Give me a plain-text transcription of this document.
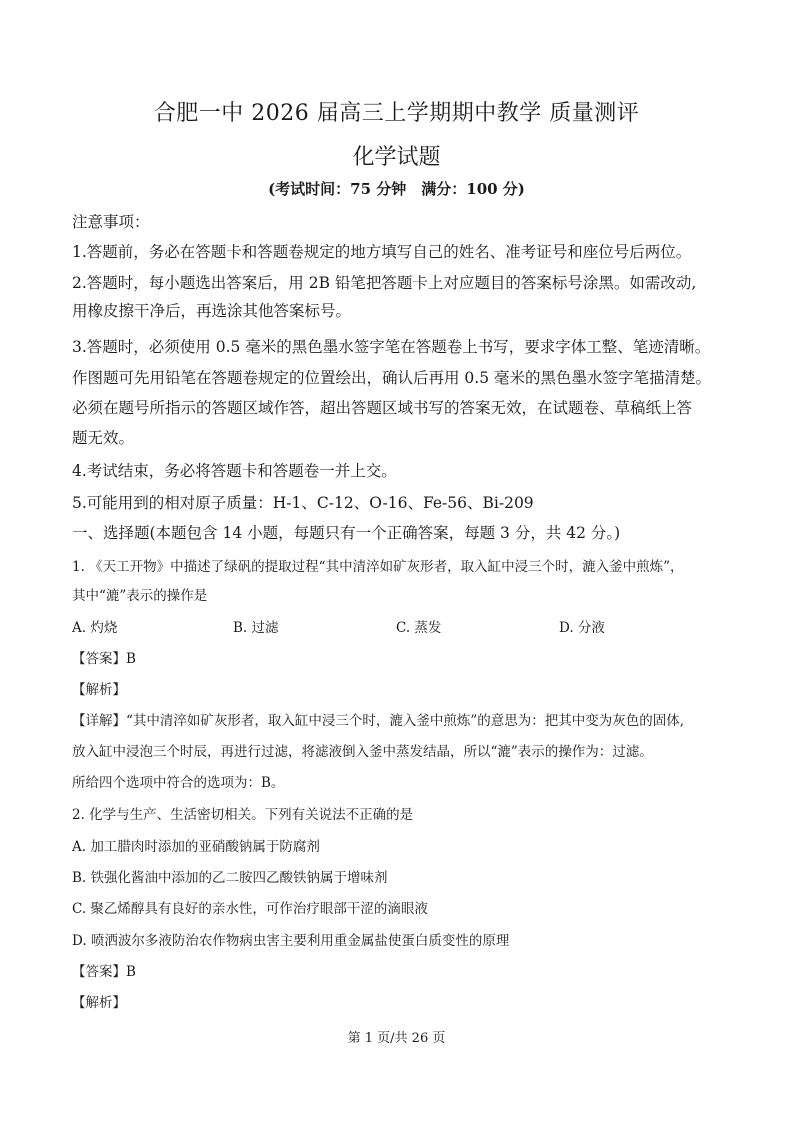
合肥一中 2026 届高三上学期期中教学 质量测评
化学试题
(考试时间：75 分钟　满分：100 分)
注意事项：
1.答题前，务必在答题卡和答题卷规定的地方填写自己的姓名、准考证号和座位号后两位。
2.答题时，每小题选出答案后，用 2B 铅笔把答题卡上对应题目的答案标号涂黑。如需改动,
用橡皮擦干净后，再选涂其他答案标号。
3.答题时，必须使用 0.5 毫米的黑色墨水签字笔在答题卷上书写，要求字体工整、笔迹清晰。
作图题可先用铅笔在答题卷规定的位置绘出，确认后再用 0.5 毫米的黑色墨水签字笔描清楚。
必须在题号所指示的答题区域作答，超出答题区域书写的答案无效，在试题卷、草稿纸上答
题无效。
4.考试结束，务必将答题卡和答题卷一并上交。
5.可能用到的相对原子质量：H-1、C-12、O-16、Fe-56、Bi-209
一、选择题(本题包含 14 小题，每题只有一个正确答案，每题 3 分，共 42 分。)
1. 《天工开物》中描述了绿矾的提取过程“其中清淬如矿灰形者，取入缸中浸三个时，漉入釜中煎炼”，
其中“漉”表示的操作是
A. 灼烧	B. 过滤	C. 蒸发	D. 分液
【答案】B
【解析】
【详解】“其中清淬如矿灰形者，取入缸中浸三个时，漉入釜中煎炼”的意思为：把其中变为灰色的固体,
放入缸中浸泡三个时辰，再进行过滤，将滤液倒入釜中蒸发结晶，所以“漉”表示的操作为：过滤。
所给四个选项中符合的选项为：B。
2. 化学与生产、生活密切相关。下列有关说法不正确的是
A. 加工腊肉时添加的亚硝酸钠属于防腐剂
B. 铁强化酱油中添加的乙二胺四乙酸铁钠属于增味剂
C. 聚乙烯醇具有良好的亲水性，可作治疗眼部干涩的滴眼液
D. 喷洒波尔多液防治农作物病虫害主要利用重金属盐使蛋白质变性的原理
【答案】B
【解析】
第 1 页/共 26 页
